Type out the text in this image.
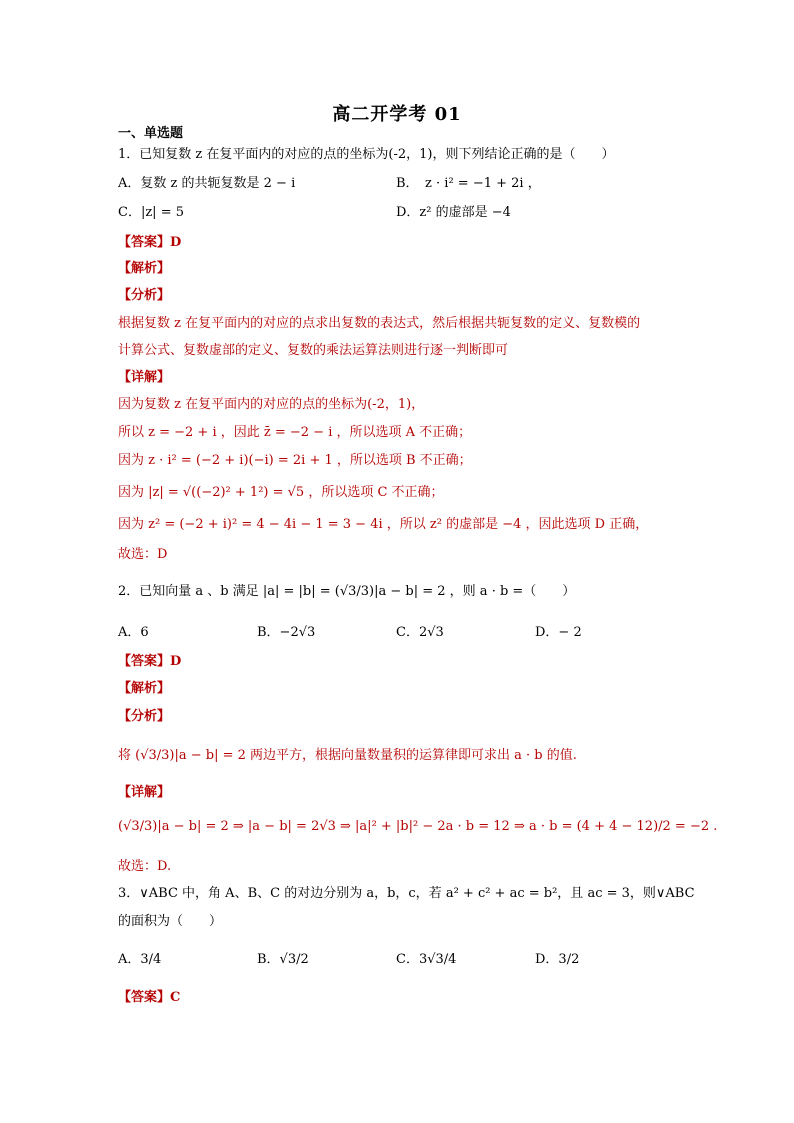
高二开学考 01
一、单选题
1．已知复数 z 在复平面内的对应的点的坐标为(-2，1)，则下列结论正确的是（　　）
A．复数 z 的共轭复数是 2 − i	B．　z · i² = −1 + 2i ，
C．|z| = 5	D．z² 的虚部是 −4
【答案】D
【解析】
【分析】
根据复数 z 在复平面内的对应的点求出复数的表达式，然后根据共轭复数的定义、复数模的
计算公式、复数虚部的定义、复数的乘法运算法则进行逐一判断即可
【详解】
因为复数 z 在复平面内的对应的点的坐标为(-2，1)，
所以 z = −2 + i ，因此 z̄ = −2 − i ，所以选项 A 不正确；
因为 z · i² = (−2 + i)(−i) = 2i + 1 ，所以选项 B 不正确；
因为 |z| = √((−2)² + 1²) = √5 ，所以选项 C 不正确；
因为 z² = (−2 + i)² = 4 − 4i − 1 = 3 − 4i ，所以 z² 的虚部是 −4 ，因此选项 D 正确，
故选：D
2．已知向量 a 、b 满足 |a| = |b| = (√3/3)|a − b| = 2 ，则 a · b =（　　）
A．6	B．−2√3	C．2√3	D．− 2
【答案】D
【解析】
【分析】
将 (√3/3)|a − b| = 2 两边平方，根据向量数量积的运算律即可求出 a · b 的值.
【详解】
(√3/3)|a − b| = 2 ⇒ |a − b| = 2√3 ⇒ |a|² + |b|² − 2a · b = 12 ⇒ a · b = (4 + 4 − 12)/2 = −2 .
故选：D.
3．∨ABC 中，角 A、B、C 的对边分别为 a，b，c，若 a² + c² + ac = b²，且 ac = 3，则∨ABC
的面积为（　　）
A．3/4	B．√3/2	C．3√3/4	D．3/2
【答案】C
